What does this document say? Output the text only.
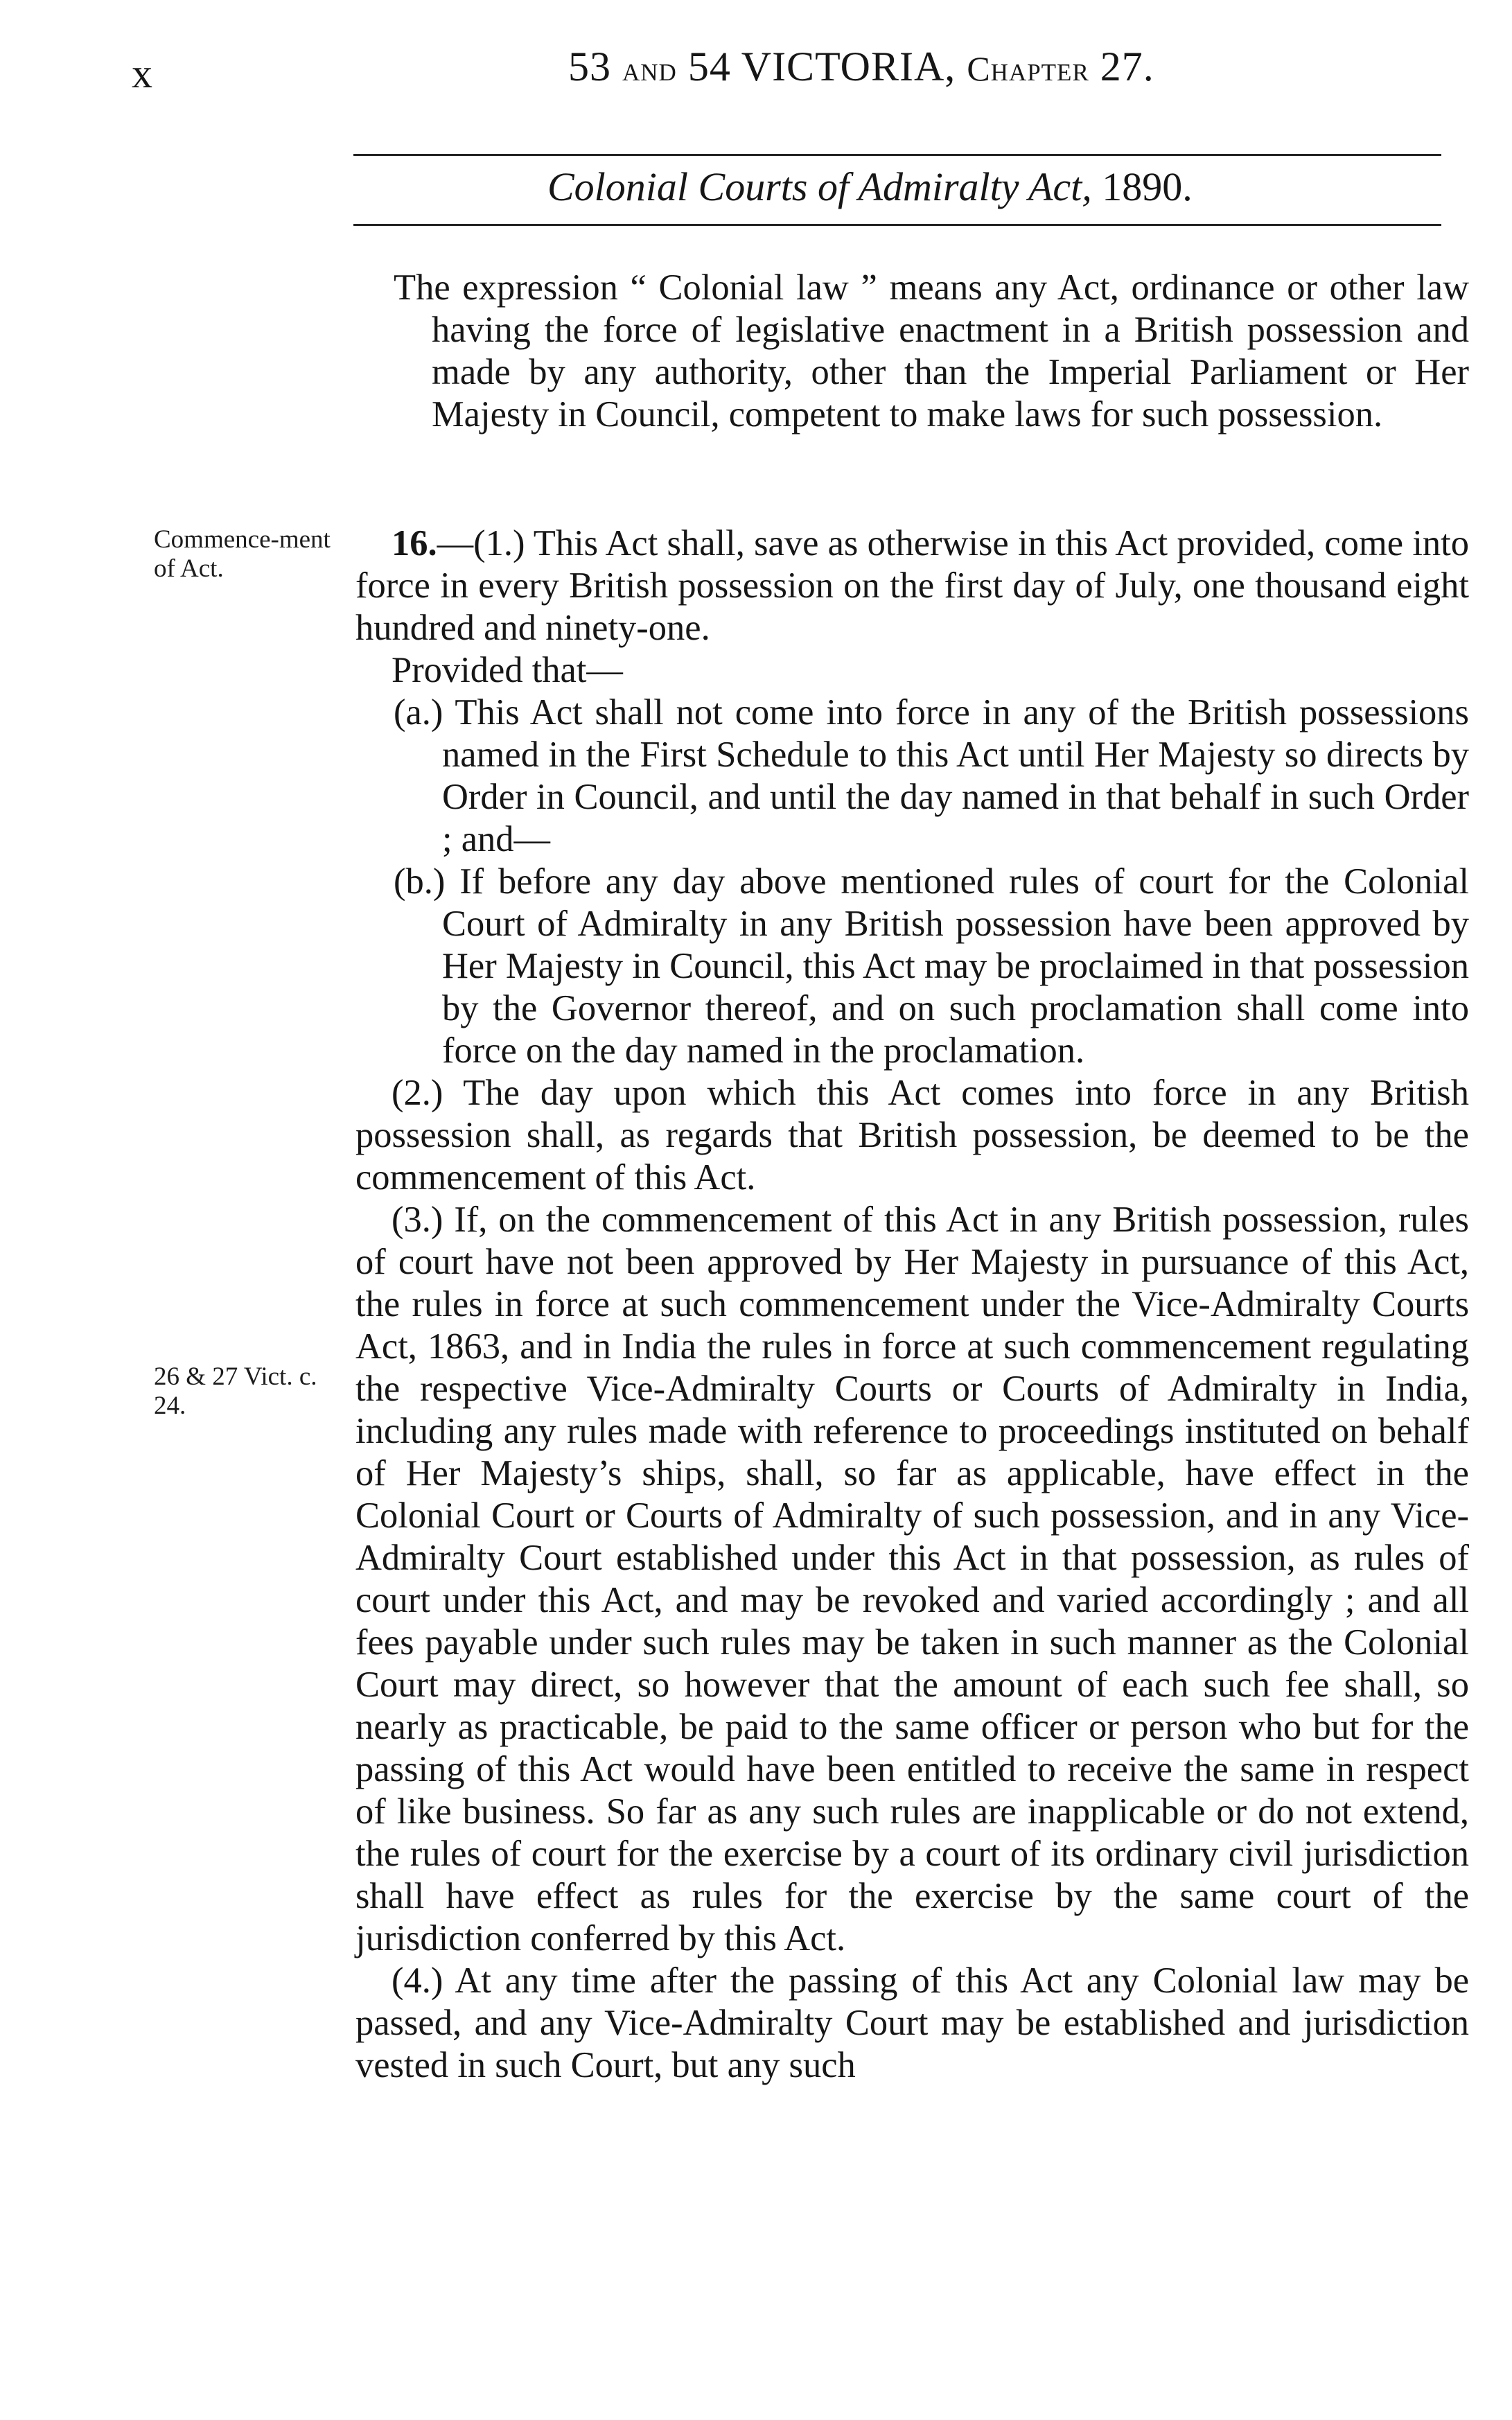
x	53 and 54 VICTORIA, Chapter 27.
Colonial Courts of Admiralty Act, 1890.

The expression “ Colonial law ” means any Act, ordinance or other law having the force of legislative enactment in a British possession and made by any authority, other than the Imperial Parliament or Her Majesty in Council, competent to make laws for such possession.

Commence-ment of Act.
26 & 27 Vict. c. 24.

16.—(1.) This Act shall, save as otherwise in this Act provided, come into force in every British possession on the first day of July, one thousand eight hundred and ninety-one.

Provided that—

(a.) This Act shall not come into force in any of the British possessions named in the First Schedule to this Act until Her Majesty so directs by Order in Council, and until the day named in that behalf in such Order ; and—

(b.) If before any day above mentioned rules of court for the Colonial Court of Admiralty in any British possession have been approved by Her Majesty in Council, this Act may be proclaimed in that possession by the Governor thereof, and on such proclamation shall come into force on the day named in the proclamation.

(2.) The day upon which this Act comes into force in any British possession shall, as regards that British possession, be deemed to be the commencement of this Act.

(3.) If, on the commencement of this Act in any British possession, rules of court have not been approved by Her Majesty in pursuance of this Act, the rules in force at such commencement under the Vice-Admiralty Courts Act, 1863, and in India the rules in force at such commencement regulating the respective Vice-Admiralty Courts or Courts of Admiralty in India, including any rules made with reference to proceedings instituted on behalf of Her Majesty’s ships, shall, so far as applicable, have effect in the Colonial Court or Courts of Admiralty of such possession, and in any Vice-Admiralty Court established under this Act in that possession, as rules of court under this Act, and may be revoked and varied accordingly ; and all fees payable under such rules may be taken in such manner as the Colonial Court may direct, so however that the amount of each such fee shall, so nearly as practicable, be paid to the same officer or person who but for the passing of this Act would have been entitled to receive the same in respect of like business. So far as any such rules are inapplicable or do not extend, the rules of court for the exercise by a court of its ordinary civil jurisdiction shall have effect as rules for the exercise by the same court of the jurisdiction conferred by this Act.

(4.) At any time after the passing of this Act any Colonial law may be passed, and any Vice-Admiralty Court may be established and jurisdiction vested in such Court, but any such
